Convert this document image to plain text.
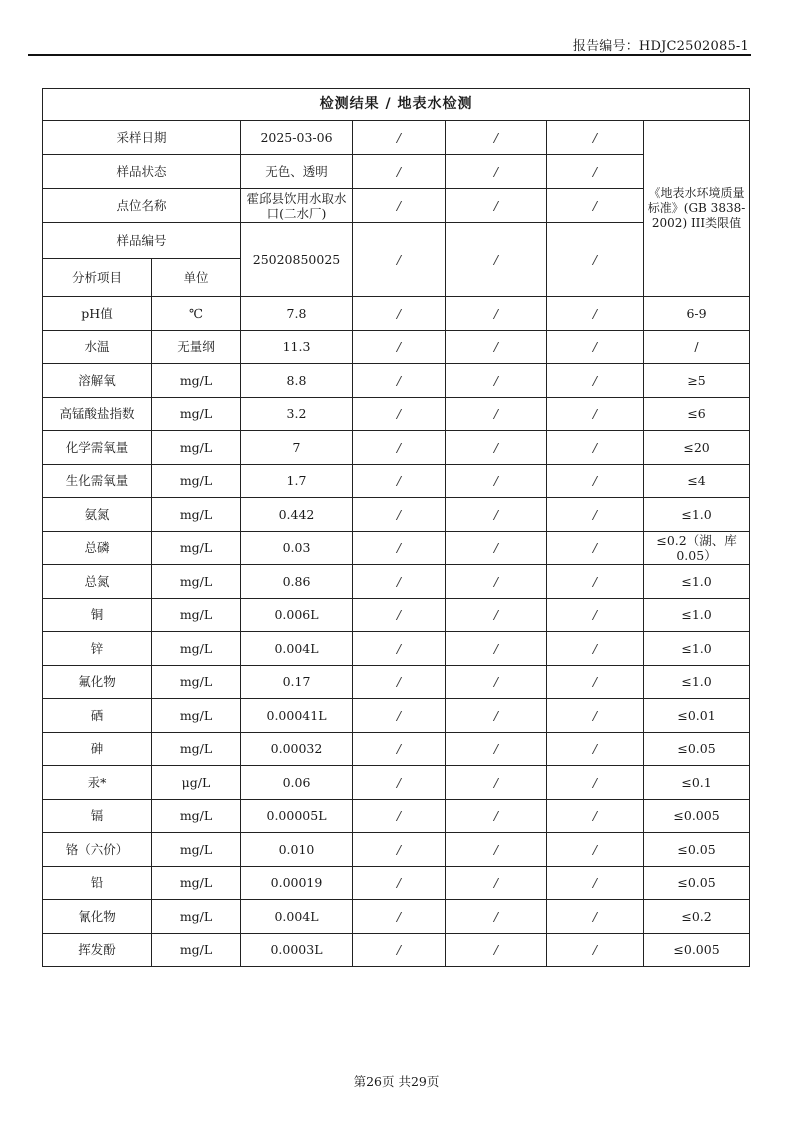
报告编号：HDJC2502085-1
检测结果 / 地表水检测						
采样日期		2025-03-06	/	/	/	《地表水环境质量标准》(GB 3838-2002) III类限值
样品状态		无色、透明	/	/	/	
点位名称		霍邱县饮用水取水口(二水厂)	/	/	/	
样品编号		25020850025	/	/	/	
分析项目	单位					
pH值	℃	7.8	/	/	/	6-9
水温	无量纲	11.3	/	/	/	/
溶解氧	mg/L	8.8	/	/	/	≥5
高锰酸盐指数	mg/L	3.2	/	/	/	≤6
化学需氧量	mg/L	7	/	/	/	≤20
生化需氧量	mg/L	1.7	/	/	/	≤4
氨氮	mg/L	0.442	/	/	/	≤1.0
总磷	mg/L	0.03	/	/	/	≤0.2（湖、库0.05）
总氮	mg/L	0.86	/	/	/	≤1.0
铜	mg/L	0.006L	/	/	/	≤1.0
锌	mg/L	0.004L	/	/	/	≤1.0
氟化物	mg/L	0.17	/	/	/	≤1.0
硒	mg/L	0.00041L	/	/	/	≤0.01
砷	mg/L	0.00032	/	/	/	≤0.05
汞*	μg/L	0.06	/	/	/	≤0.1
镉	mg/L	0.00005L	/	/	/	≤0.005
铬（六价）	mg/L	0.010	/	/	/	≤0.05
铅	mg/L	0.00019	/	/	/	≤0.05
氰化物	mg/L	0.004L	/	/	/	≤0.2
挥发酚	mg/L	0.0003L	/	/	/	≤0.005
第26页 共29页
